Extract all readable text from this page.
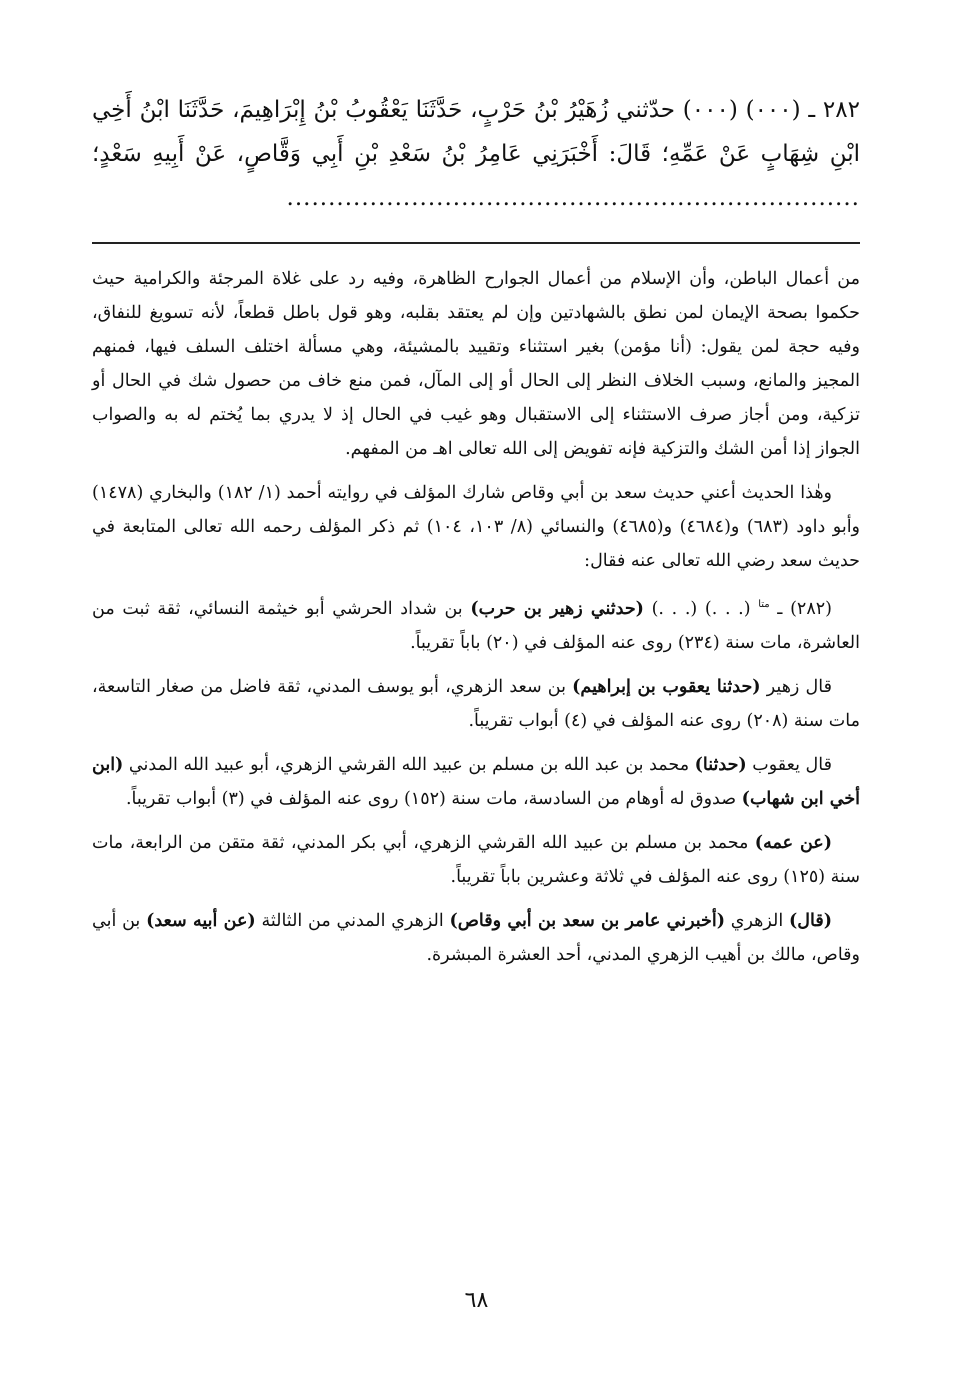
٢٨٢ ـ (٠٠٠) (٠٠٠) حدّثني زُهَيْرُ بْنُ حَرْبٍ، حَدَّثَنَا يَعْقُوبُ بْنُ إِبْرَاهِيمَ، حَدَّثَنَا ابْنُ أَخِي ابْنِ شِهَابٍ عَنْ عَمِّهِ؛ قَالَ: أَخْبَرَنِي عَامِرُ بْنُ سَعْدِ بْنِ أَبِي وَقَّاصٍ، عَنْ أَبِيهِ سَعْدٍ؛ .....................................................................

من أعمال الباطن، وأن الإسلام من أعمال الجوارح الظاهرة، وفيه رد على غلاة المرجئة والكرامية حيث حكموا بصحة الإيمان لمن نطق بالشهادتين وإن لم يعتقد بقلبه، وهو قول باطل قطعاً، لأنه تسويغ للنفاق، وفيه حجة لمن يقول: (أنا مؤمن) بغير استثناء وتقييد بالمشيئة، وهي مسألة اختلف السلف فيها، فمنهم المجيز والمانع، وسبب الخلاف النظر إلى الحال أو إلى المآل، فمن منع خاف من حصول شك في الحال أو تزكية، ومن أجاز صرف الاستثناء إلى الاستقبال وهو غيب في الحال إذ لا يدري بما يُختم له به والصواب الجواز إذا أمن الشك والتزكية فإنه تفويض إلى الله تعالى اهـ من المفهم.

وهٰذا الحديث أعني حديث سعد بن أبي وقاص شارك المؤلف في روايته أحمد (١/ ١٨٢) والبخاري (١٤٧٨) وأبو داود (٦٨٣) و(٤٦٨٤) و(٤٦٨٥) والنسائي (٨/ ١٠٣، ١٠٤) ثم ذكر المؤلف رحمه الله تعالى المتابعة في حديث سعد رضي الله تعالى عنه فقال:

(٢٨٢) ـ $^{متا}$ (. . .) (. . .) (حدثني زهير بن حرب) بن شداد الحرشي أبو خيثمة النسائي، ثقة ثبت من العاشرة، مات سنة (٢٣٤) روى عنه المؤلف في (٢٠) باباً تقريباً.

قال زهير (حدثنا يعقوب بن إبراهيم) بن سعد الزهري، أبو يوسف المدني، ثقة فاضل من صغار التاسعة، مات سنة (٢٠٨) روى عنه المؤلف في (٤) أبواب تقريباً.

قال يعقوب (حدثنا) محمد بن عبد الله بن مسلم بن عبيد الله القرشي الزهري، أبو عبيد الله المدني (ابن أخي ابن شهاب) صدوق له أوهام من السادسة، مات سنة (١٥٢) روى عنه المؤلف في (٣) أبواب تقريباً.

(عن عمه) محمد بن مسلم بن عبيد الله القرشي الزهري، أبي بكر المدني، ثقة متقن من الرابعة، مات سنة (١٢٥) روى عنه المؤلف في ثلاثة وعشرين باباً تقريباً.

(قال) الزهري (أخبرني عامر بن سعد بن أبي وقاص) الزهري المدني من الثالثة (عن أبيه سعد) بن أبي وقاص، مالك بن أهيب الزهري المدني، أحد العشرة المبشرة.

٦٨
